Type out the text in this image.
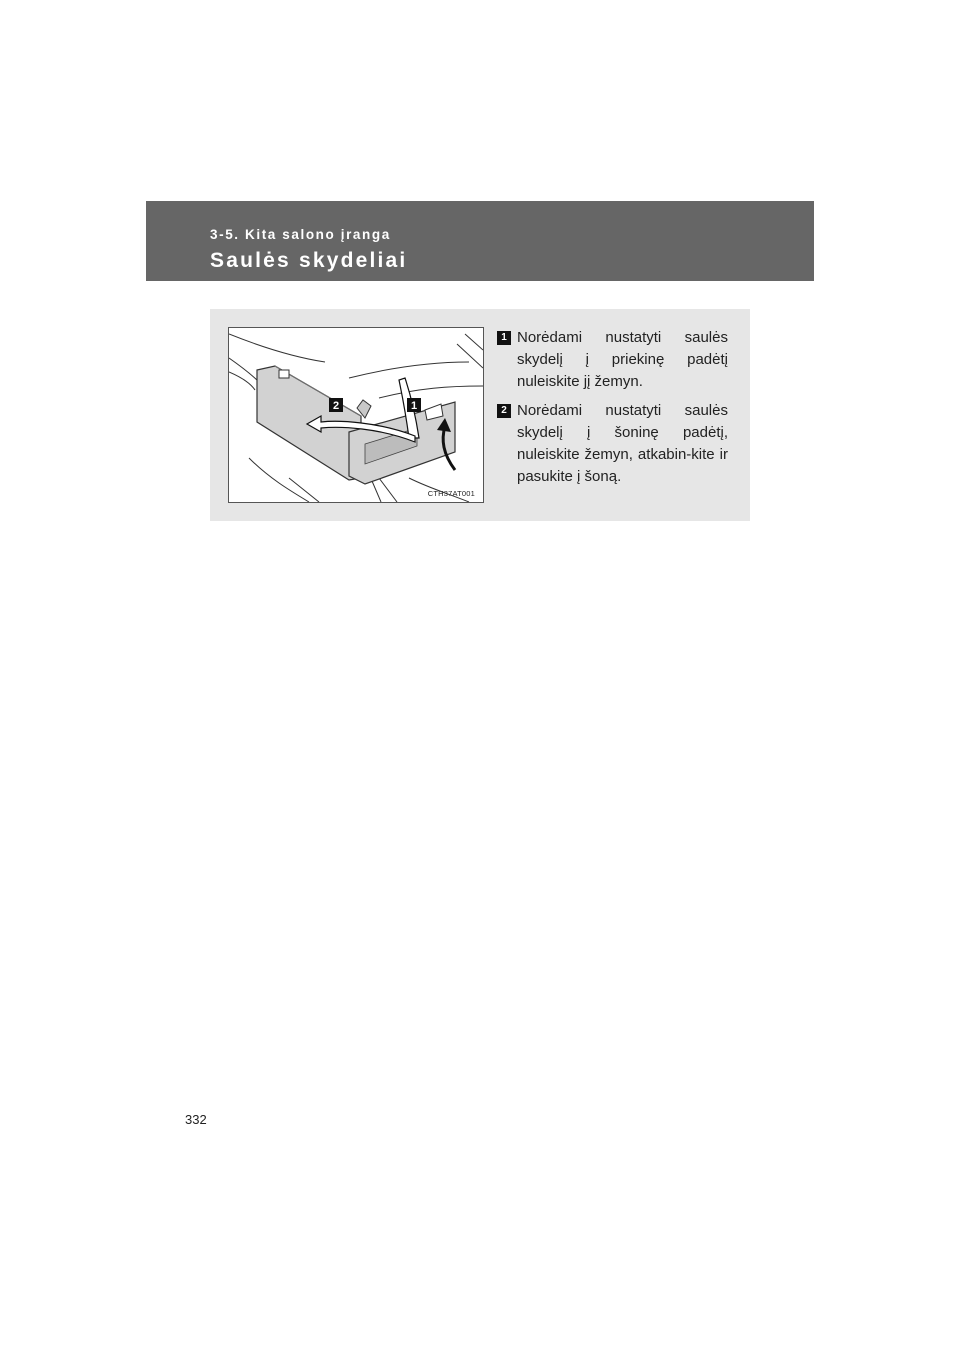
3-5. Kita salono įranga
Saulės skydeliai
2	1
CTH37AT001
1 Norėdami nustatyti saulės skydelį į priekinę padėtį nuleiskite jį žemyn.
2 Norėdami nustatyti saulės skydelį į šoninę padėtį, nuleiskite žemyn, atkabin-kite ir pasukite į šoną.
332
